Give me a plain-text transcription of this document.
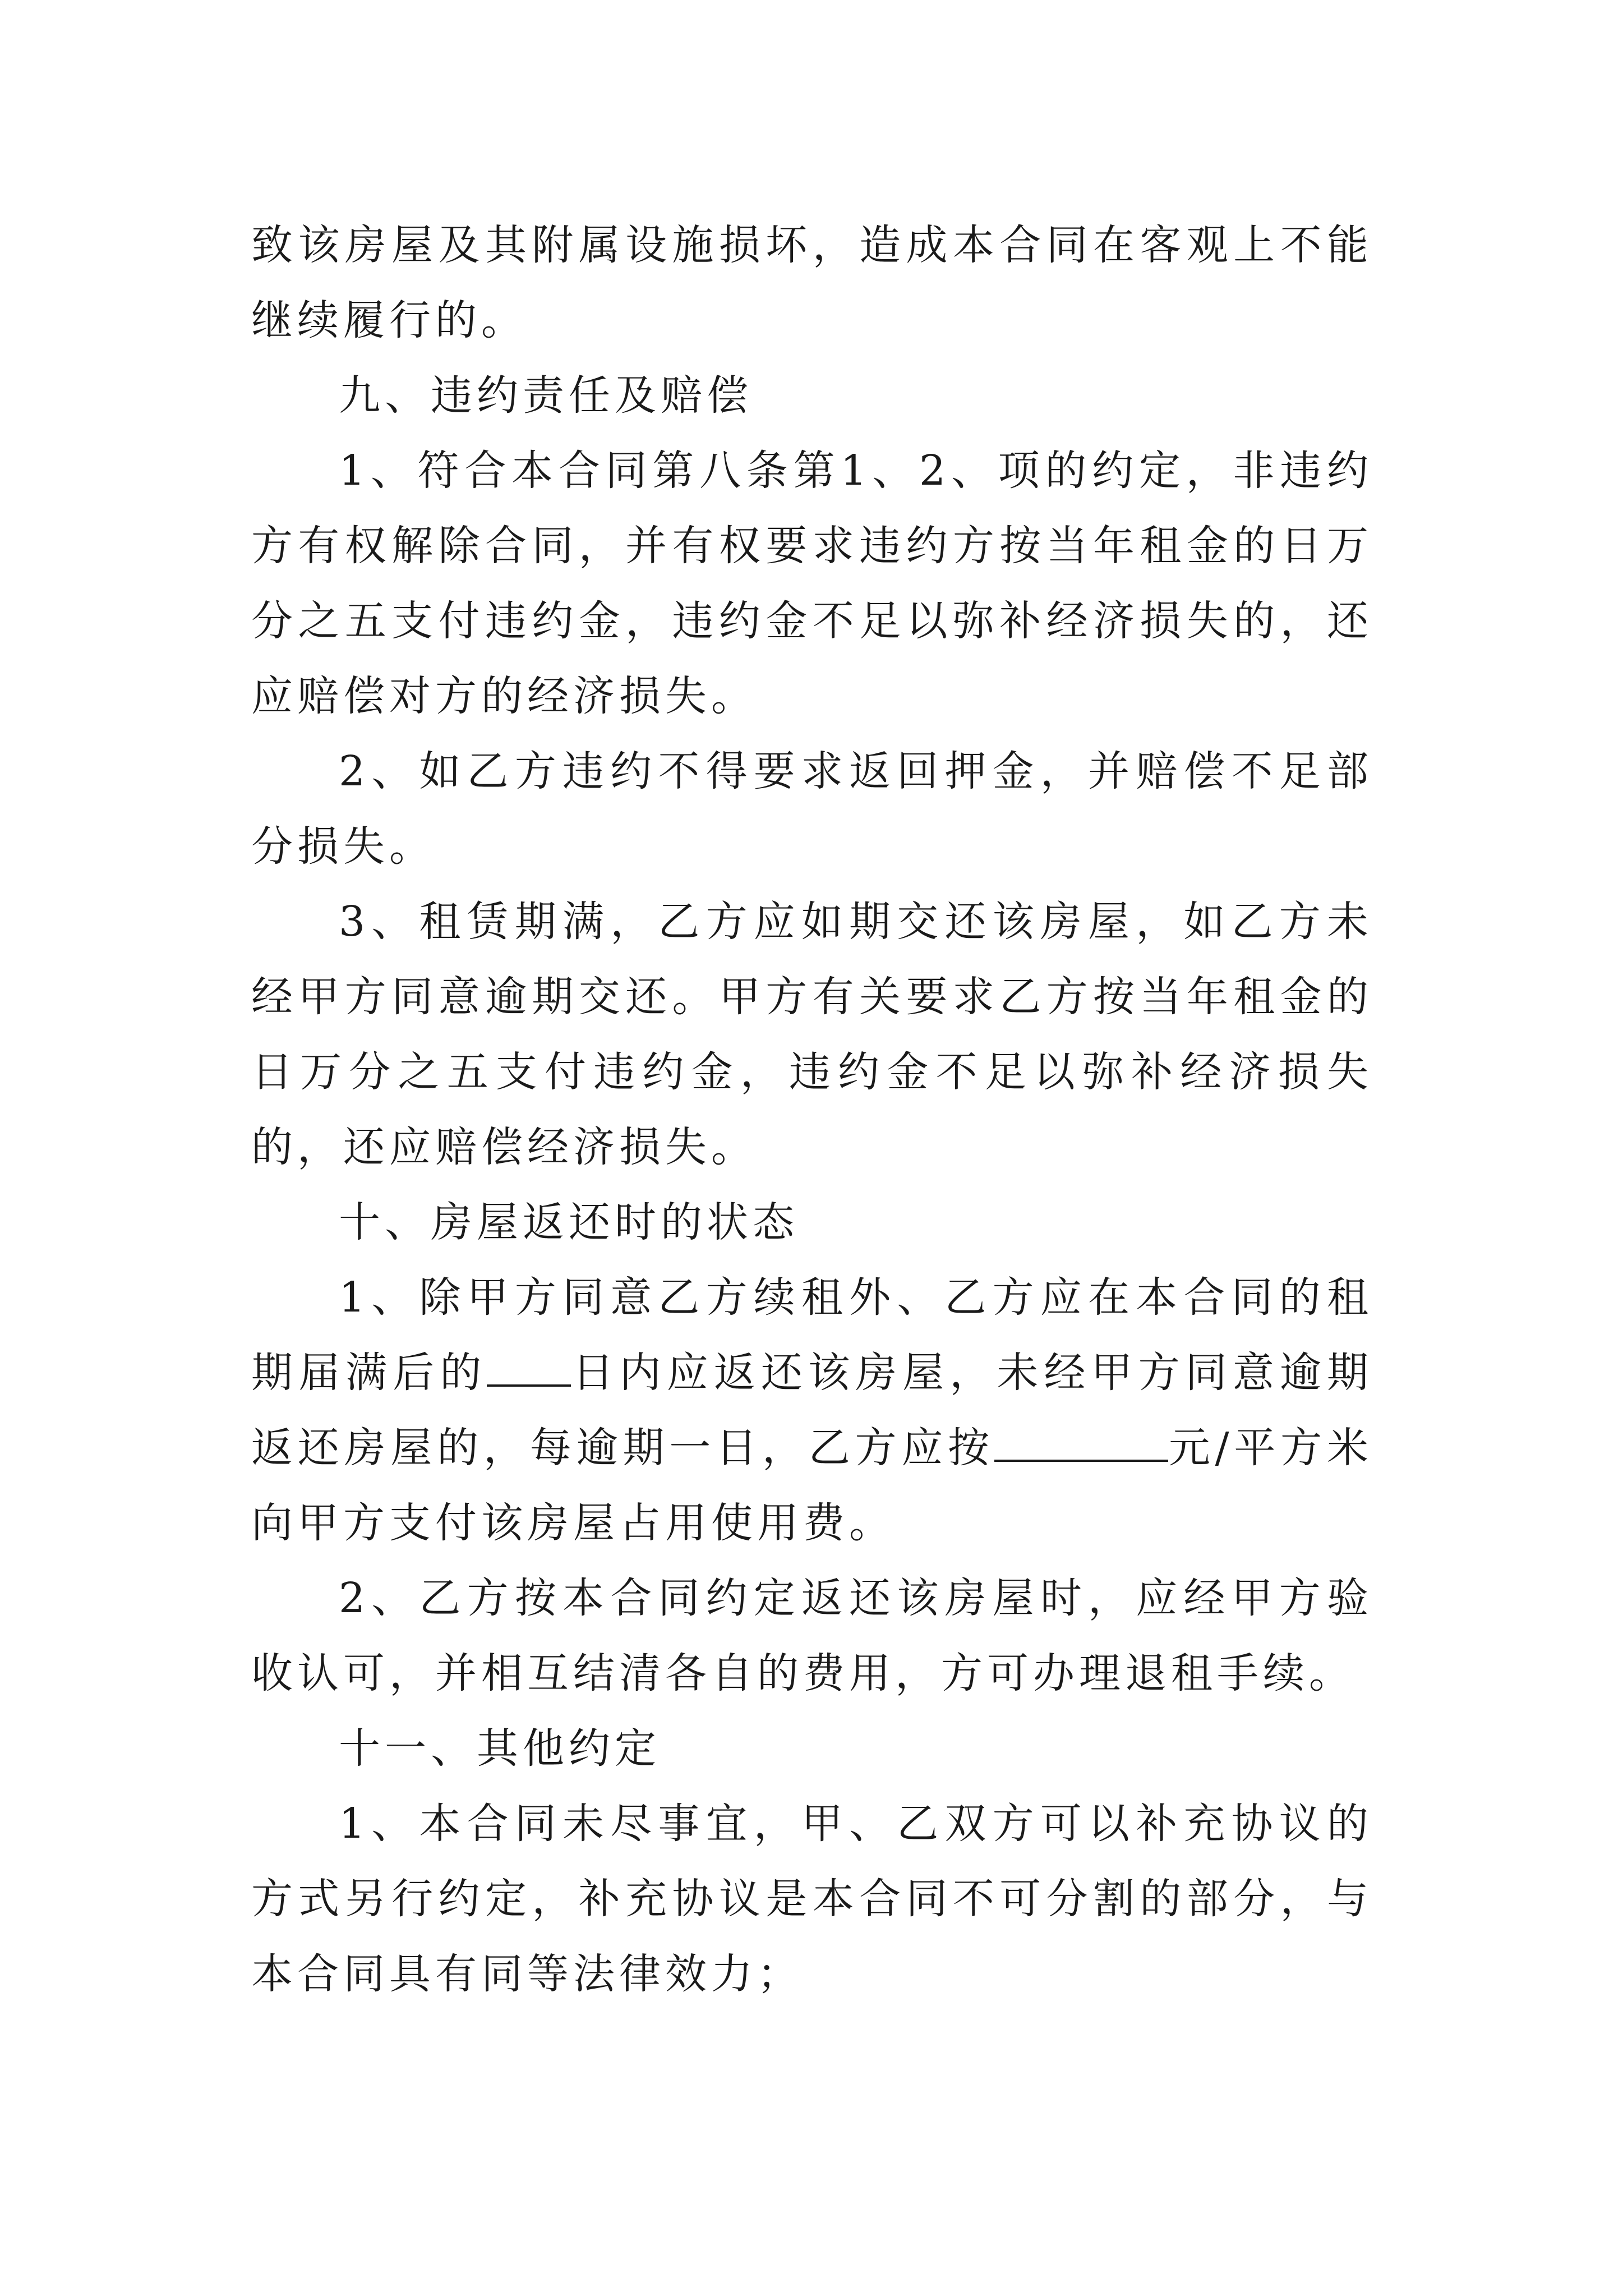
致该房屋及其附属设施损坏，造成本合同在客观上不能继续履行的。

九、违约责任及赔偿

1、符合本合同第八条第1、2、项的约定，非违约方有权解除合同，并有权要求违约方按当年租金的日万分之五支付违约金，违约金不足以弥补经济损失的，还应赔偿对方的经济损失。

2、如乙方违约不得要求返回押金，并赔偿不足部分损失。

3、租赁期满，乙方应如期交还该房屋，如乙方未经甲方同意逾期交还。甲方有关要求乙方按当年租金的日万分之五支付违约金，违约金不足以弥补经济损失的，还应赔偿经济损失。

十、房屋返还时的状态

1、除甲方同意乙方续租外、乙方应在本合同的租期届满后的 日内应返还该房屋，未经甲方同意逾期返还房屋的，每逾期一日，乙方应按	元/平方米向甲方支付该房屋占用使用费。

2、乙方按本合同约定返还该房屋时，应经甲方验收认可，并相互结清各自的费用，方可办理退租手续。

十一、其他约定

1、本合同未尽事宜，甲、乙双方可以补充协议的方式另行约定，补充协议是本合同不可分割的部分，与本合同具有同等法律效力；
